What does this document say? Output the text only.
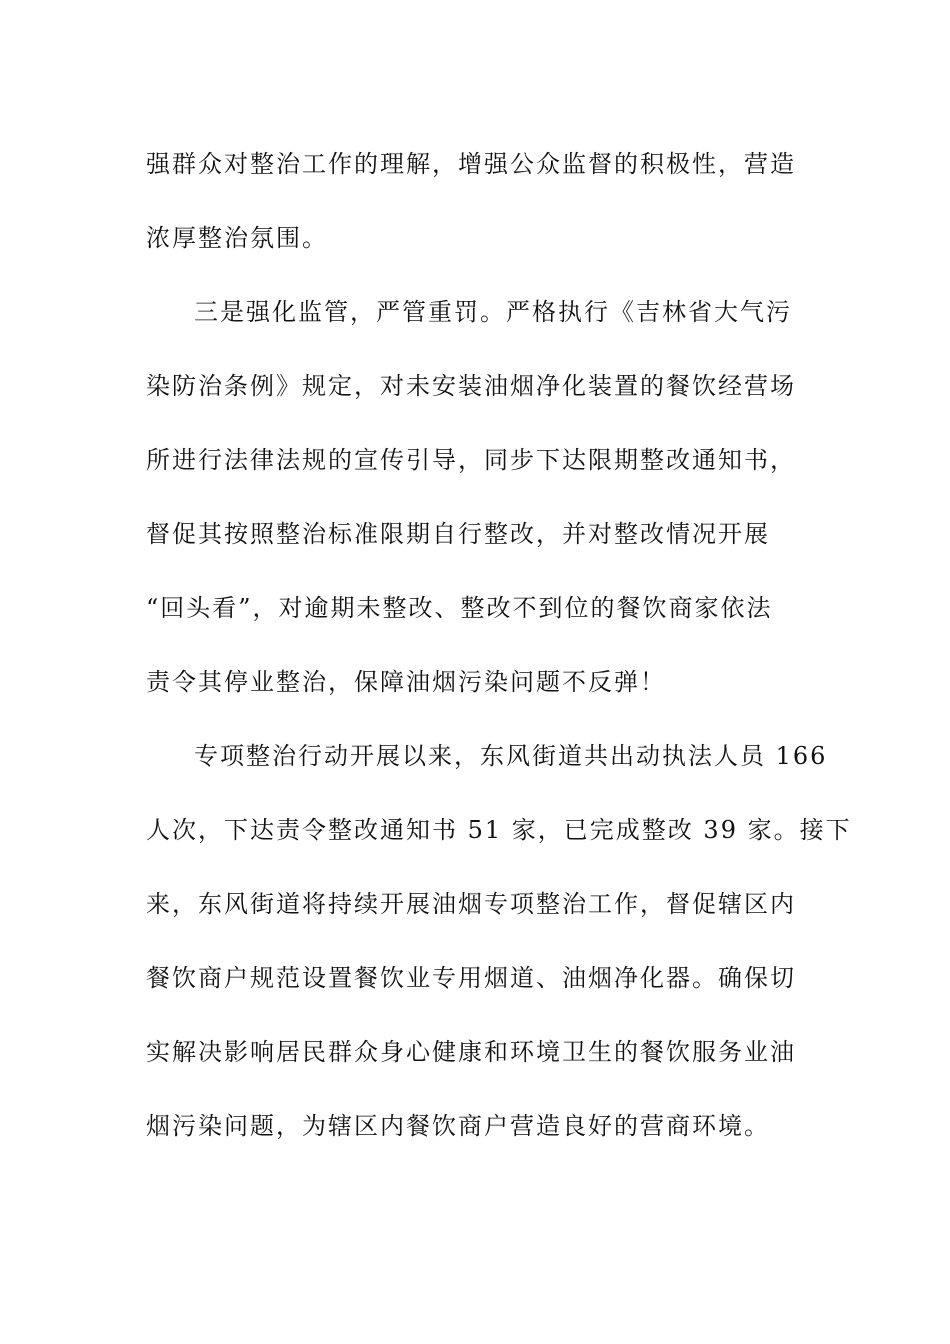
强群众对整治工作的理解，增强公众监督的积极性，营造
浓厚整治氛围。

三是强化监管，严管重罚。严格执行《吉林省大气污
染防治条例》规定，对未安装油烟净化装置的餐饮经营场
所进行法律法规的宣传引导，同步下达限期整改通知书，
督促其按照整治标准限期自行整改，并对整改情况开展
“回头看”，对逾期未整改、整改不到位的餐饮商家依法
责令其停业整治，保障油烟污染问题不反弹！

专项整治行动开展以来，东风街道共出动执法人员 166
人次，下达责令整改通知书 51 家，已完成整改 39 家。接下
来，东风街道将持续开展油烟专项整治工作，督促辖区内
餐饮商户规范设置餐饮业专用烟道、油烟净化器。确保切
实解决影响居民群众身心健康和环境卫生的餐饮服务业油
烟污染问题，为辖区内餐饮商户营造良好的营商环境。
